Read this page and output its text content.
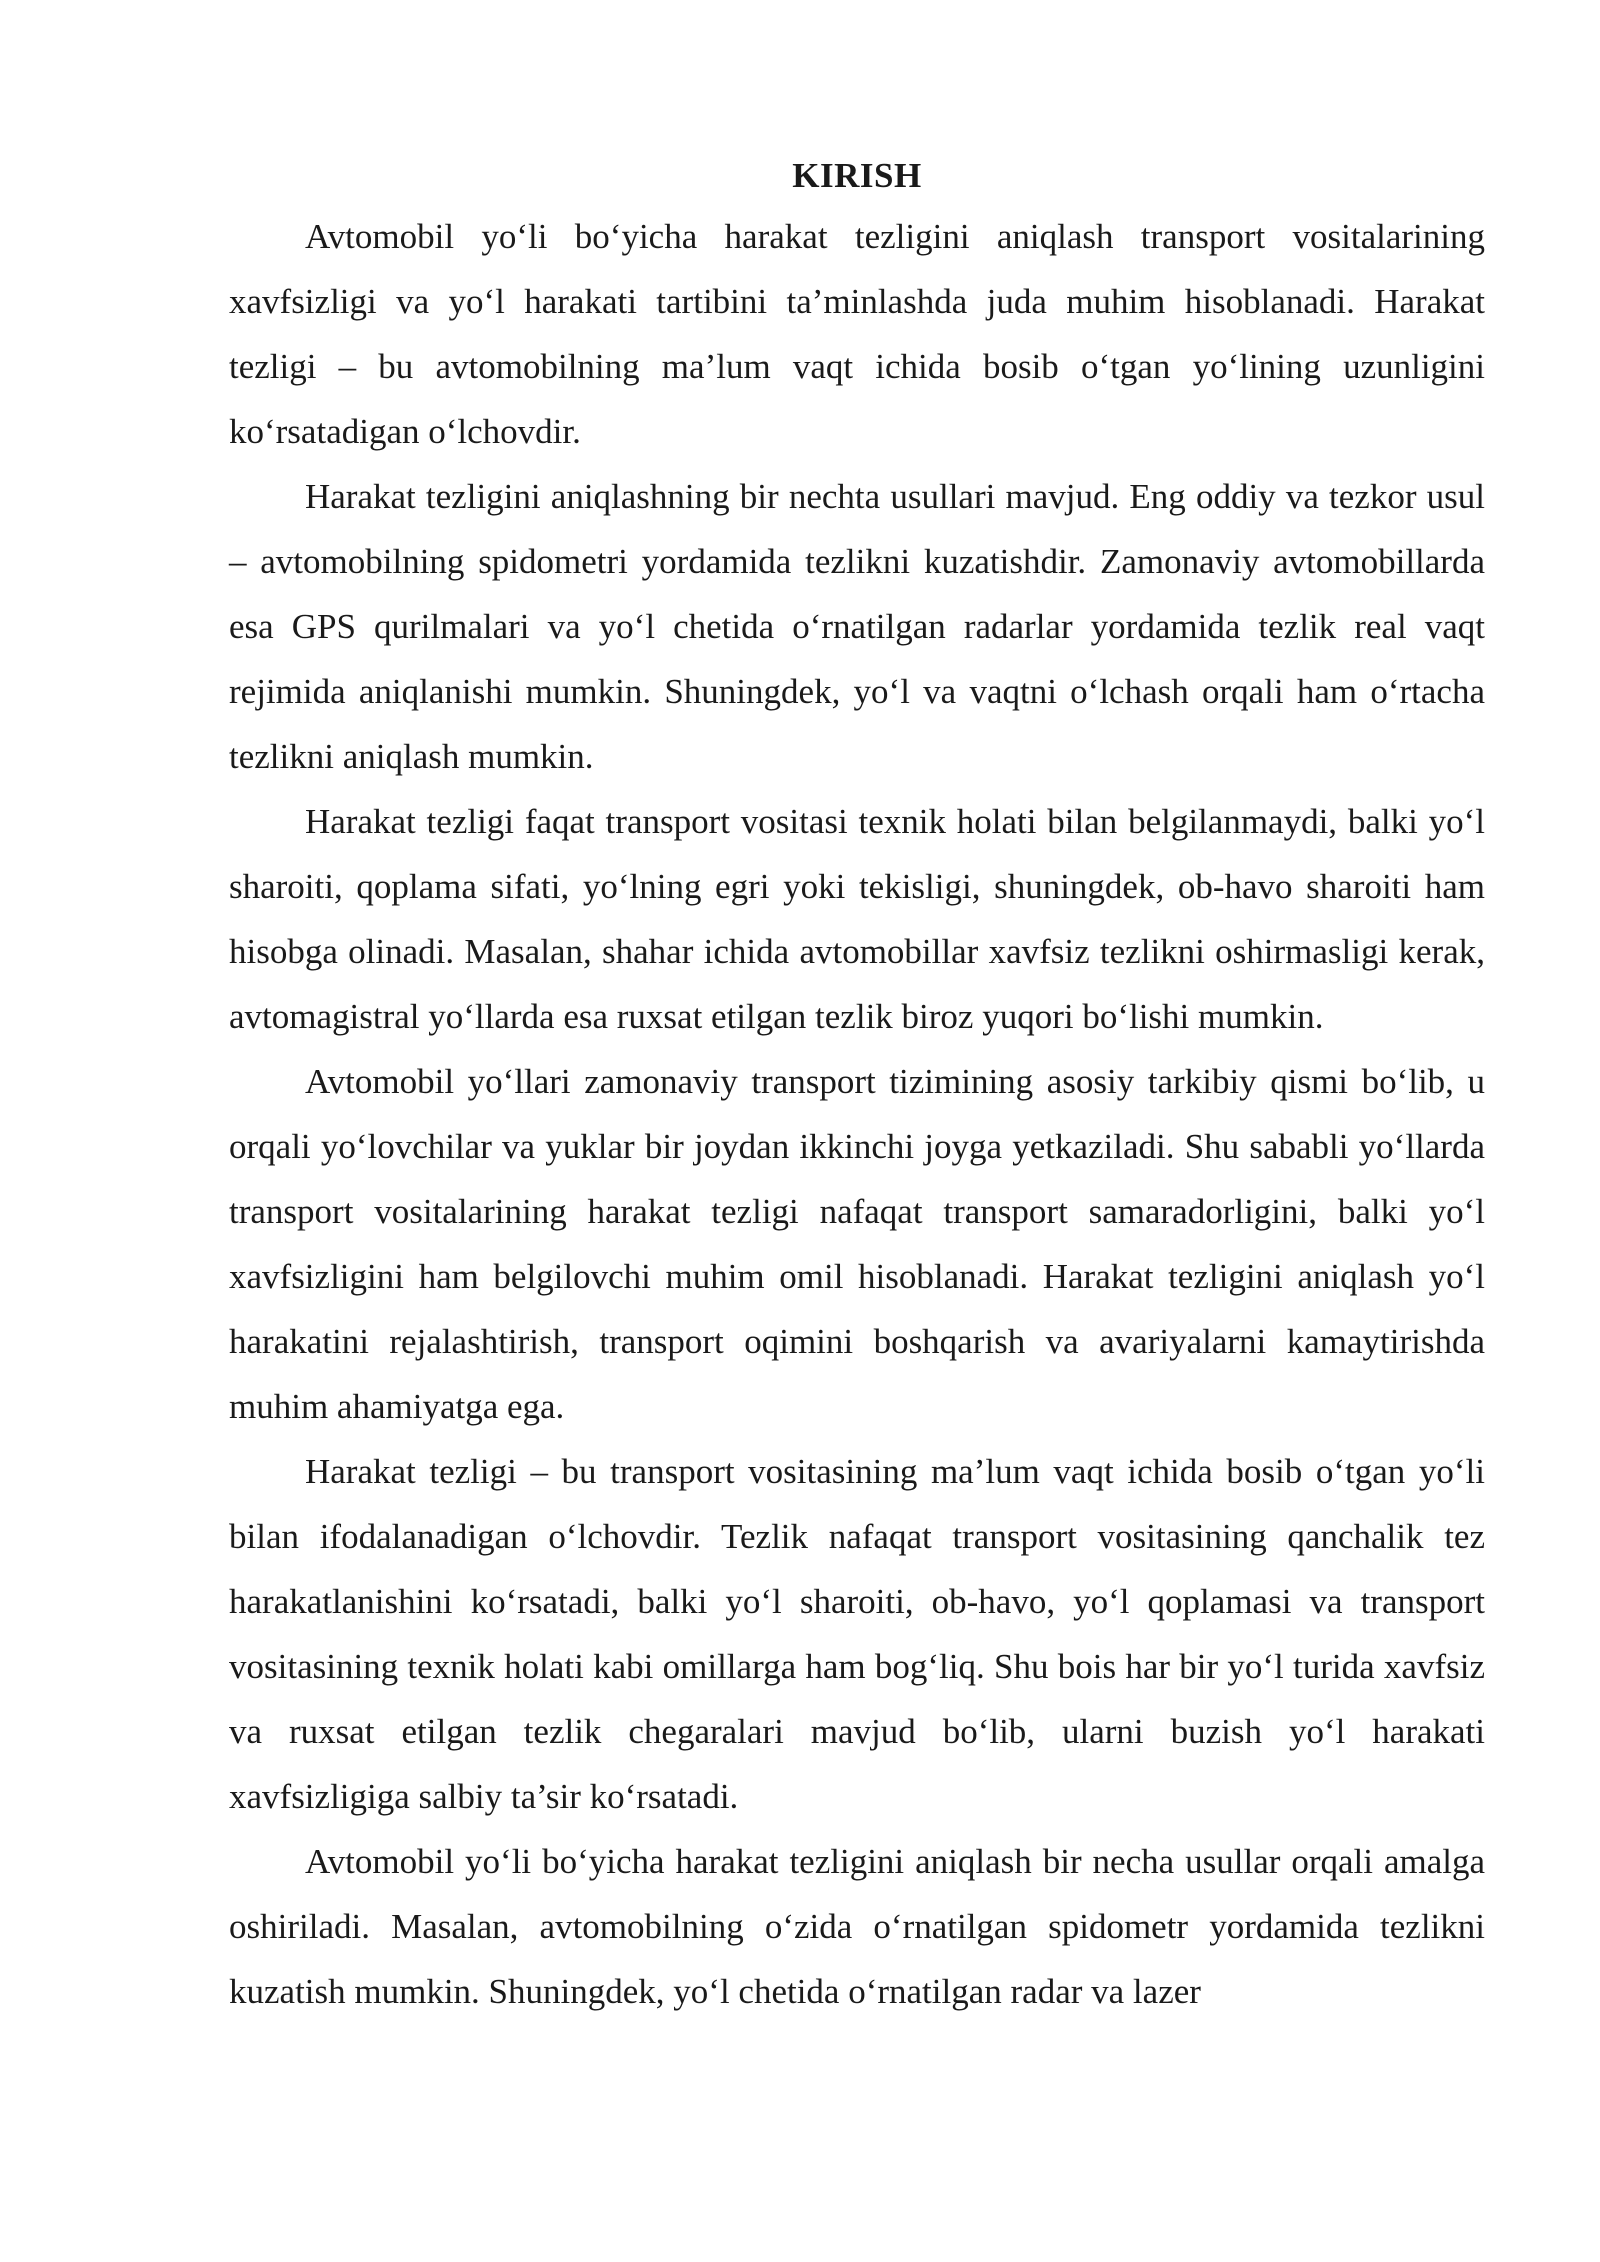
KIRISH

Avtomobil yo‘li bo‘yicha harakat tezligini aniqlash transport vositalarining xavfsizligi va yo‘l harakati tartibini ta’minlashda juda muhim hisoblanadi. Harakat tezligi – bu avtomobilning ma’lum vaqt ichida bosib o‘tgan yo‘lining uzunligini ko‘rsatadigan o‘lchovdir.

Harakat tezligini aniqlashning bir nechta usullari mavjud. Eng oddiy va tezkor usul – avtomobilning spidometri yordamida tezlikni kuzatishdir. Zamonaviy avtomobillarda esa GPS qurilmalari va yo‘l chetida o‘rnatilgan radarlar yordamida tezlik real vaqt rejimida aniqlanishi mumkin. Shuningdek, yo‘l va vaqtni o‘lchash orqali ham o‘rtacha tezlikni aniqlash mumkin.

Harakat tezligi faqat transport vositasi texnik holati bilan belgilanmaydi, balki yo‘l sharoiti, qoplama sifati, yo‘lning egri yoki tekisligi, shuningdek, ob-havo sharoiti ham hisobga olinadi. Masalan, shahar ichida avtomobillar xavfsiz tezlikni oshirmasligi kerak, avtomagistral yo‘llarda esa ruxsat etilgan tezlik biroz yuqori bo‘lishi mumkin.

Avtomobil yo‘llari zamonaviy transport tizimining asosiy tarkibiy qismi bo‘lib, u orqali yo‘lovchilar va yuklar bir joydan ikkinchi joyga yetkaziladi. Shu sababli yo‘llarda transport vositalarining harakat tezligi nafaqat transport samaradorligini, balki yo‘l xavfsizligini ham belgilovchi muhim omil hisoblanadi. Harakat tezligini aniqlash yo‘l harakatini rejalashtirish, transport oqimini boshqarish va avariyalarni kamaytirishda muhim ahamiyatga ega.

Harakat tezligi – bu transport vositasining ma’lum vaqt ichida bosib o‘tgan yo‘li bilan ifodalanadigan o‘lchovdir. Tezlik nafaqat transport vositasining qanchalik tez harakatlanishini ko‘rsatadi, balki yo‘l sharoiti, ob-havo, yo‘l qoplamasi va transport vositasining texnik holati kabi omillarga ham bog‘liq. Shu bois har bir yo‘l turida xavfsiz va ruxsat etilgan tezlik chegaralari mavjud bo‘lib, ularni buzish yo‘l harakati xavfsizligiga salbiy ta’sir ko‘rsatadi.

Avtomobil yo‘li bo‘yicha harakat tezligini aniqlash bir necha usullar orqali amalga oshiriladi. Masalan, avtomobilning o‘zida o‘rnatilgan spidometr yordamida tezlikni kuzatish mumkin. Shuningdek, yo‘l chetida o‘rnatilgan radar va lazer
